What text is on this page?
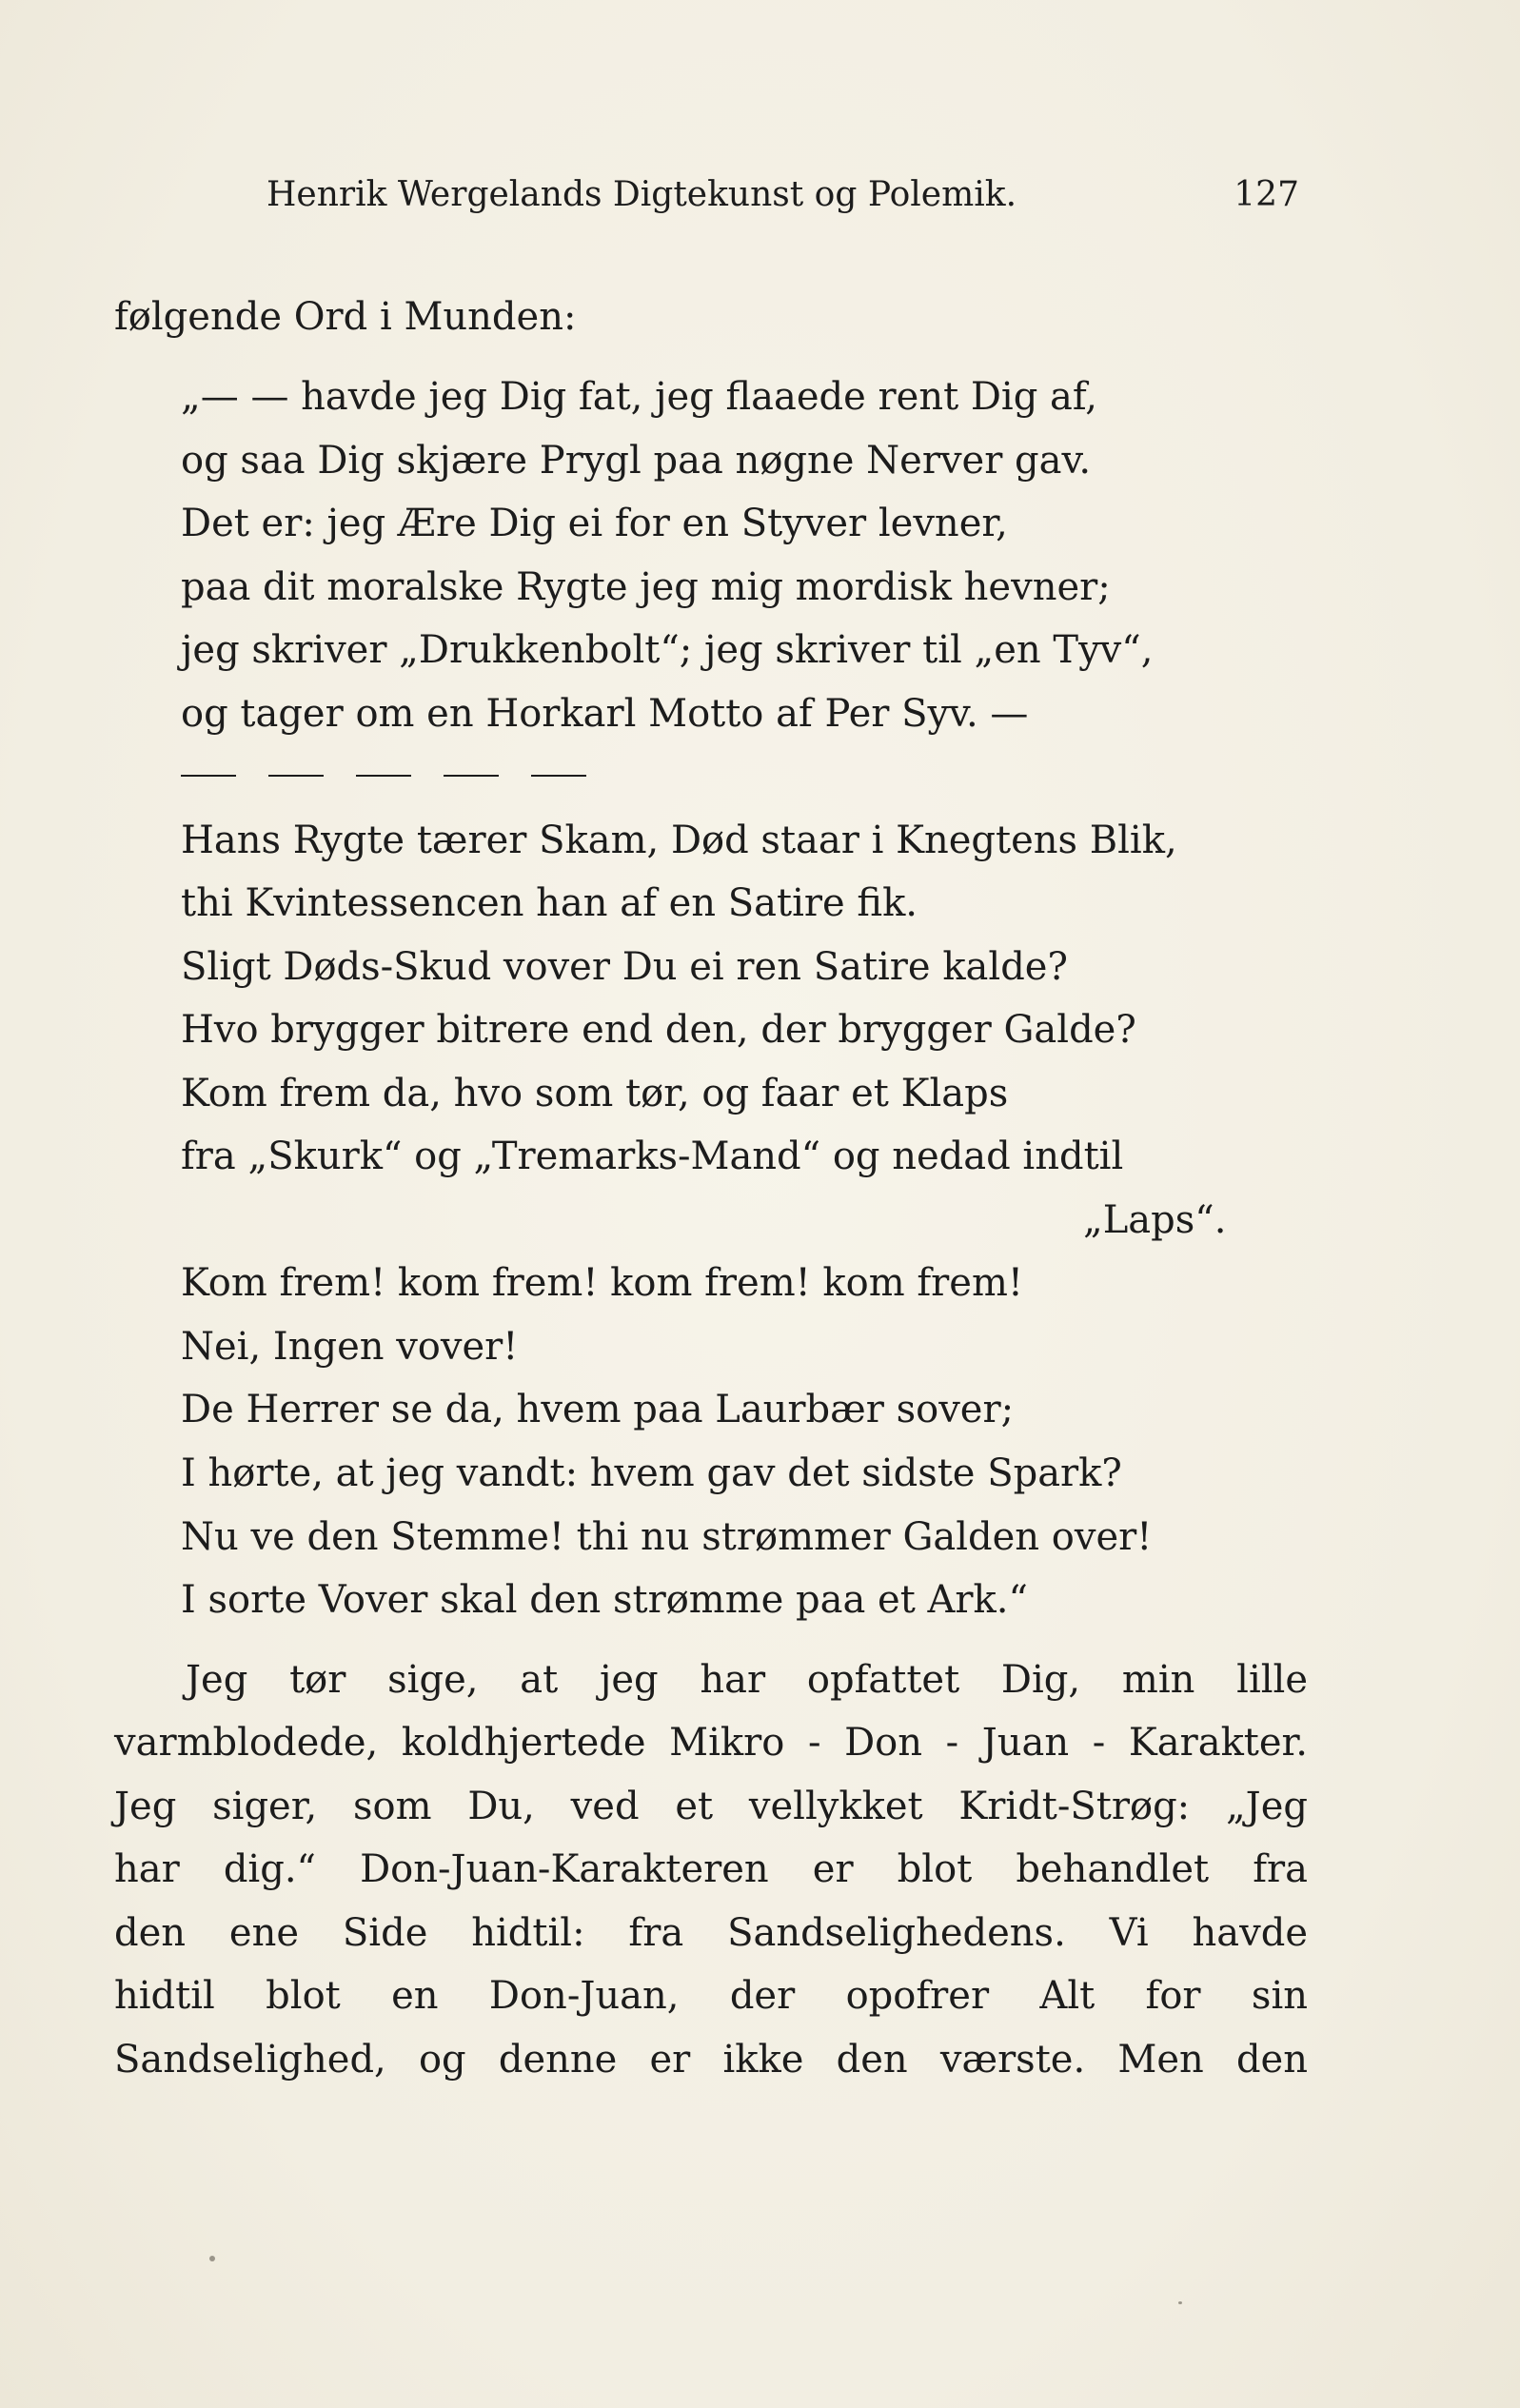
Henrik Wergelands Digtekunst og Polemik.	127
følgende Ord i Munden:
„— — havde jeg Dig fat, jeg flaaede rent Dig af,
og saa Dig skjære Prygl paa nøgne Nerver gav.
Det er: jeg Ære Dig ei for en Styver levner,
paa dit moralske Rygte jeg mig mordisk hevner;
jeg skriver „Drukkenbolt“; jeg skriver til „en Tyv“,
og tager om en Horkarl Motto af Per Syv. —
Hans Rygte tærer Skam, Død staar i Knegtens Blik,
thi Kvintessencen han af en Satire fik.
Sligt Døds-Skud vover Du ei ren Satire kalde?
Hvo brygger bitrere end den, der brygger Galde?
Kom frem da, hvo som tør, og faar et Klaps
fra „Skurk“ og „Tremarks-Mand“ og nedad indtil
„Laps“.
Kom frem! kom frem! kom frem! kom frem!
Nei, Ingen vover!
De Herrer se da, hvem paa Laurbær sover;
I hørte, at jeg vandt: hvem gav det sidste Spark?
Nu ve den Stemme! thi nu strømmer Galden over!
I sorte Vover skal den strømme paa et Ark.“
Jeg tør sige, at jeg har opfattet Dig, min lille
varmblodede, koldhjertede Mikro - Don - Juan - Karakter.
Jeg siger, som Du, ved et vellykket Kridt-Strøg: „Jeg
har dig.“ Don-Juan-Karakteren er blot behandlet fra
den ene Side hidtil: fra Sandselighedens. Vi havde
hidtil blot en Don-Juan, der opofrer Alt for sin
Sandselighed, og denne er ikke den værste. Men den
